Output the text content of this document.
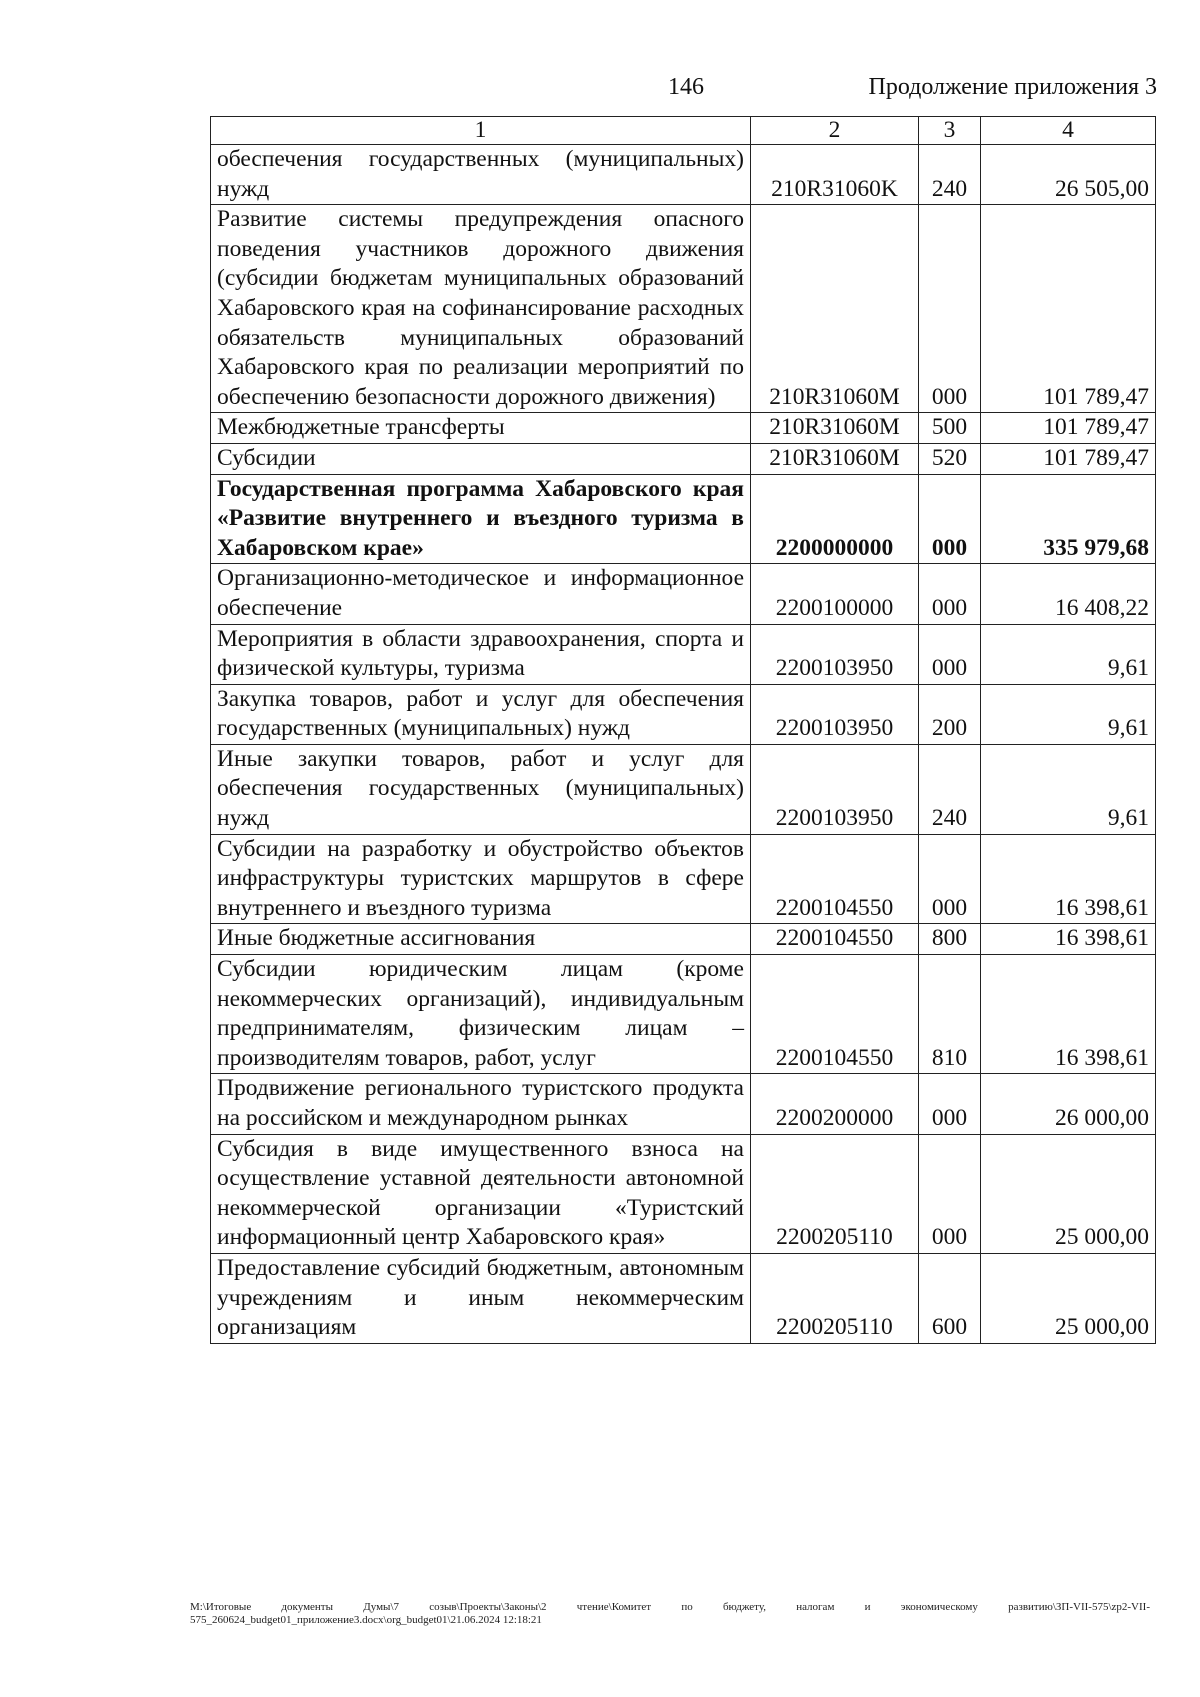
146	Продолжение приложения 3
1	2	3	4
обеспечения государственных (муниципальных) нужд	210R31060K	240	26 505,00
Развитие системы предупреждения опасного поведения участников дорожного движения (субсидии бюджетам муниципальных образований Хабаровского края на софинансирование расходных обязательств муниципальных образований Хабаровского края по реализации мероприятий по обеспечению безопасности дорожного движения)	210R31060M	000	101 789,47
Межбюджетные трансферты	210R31060M	500	101 789,47
Субсидии	210R31060M	520	101 789,47
Государственная программа Хабаровского края «Развитие внутреннего и въездного туризма в Хабаровском крае»	2200000000	000	335 979,68
Организационно-методическое и информационное обеспечение	2200100000	000	16 408,22
Мероприятия в области здравоохранения, спорта и физической культуры, туризма	2200103950	000	9,61
Закупка товаров, работ и услуг для обеспечения государственных (муниципальных) нужд	2200103950	200	9,61
Иные закупки товаров, работ и услуг для обеспечения государственных (муниципальных) нужд	2200103950	240	9,61
Субсидии на разработку и обустройство объектов инфраструктуры туристских маршрутов в сфере внутреннего и въездного туризма	2200104550	000	16 398,61
Иные бюджетные ассигнования	2200104550	800	16 398,61
Субсидии юридическим лицам (кроме некоммерческих организаций), индивидуальным предпринимателям, физическим лицам – производителям товаров, работ, услуг	2200104550	810	16 398,61
Продвижение регионального туристского продукта на российском и международном рынках	2200200000	000	26 000,00
Субсидия в виде имущественного взноса на осуществление уставной деятельности автономной некоммерческой организации «Туристский информационный центр Хабаровского края»	2200205110	000	25 000,00
Предоставление субсидий бюджетным, автономным учреждениям и иным некоммерческим организациям	2200205110	600	25 000,00
M:\Итоговые документы Думы\7 созыв\Проекты\Законы\2 чтение\Комитет по бюджету, налогам и экономическому развитию\ЗП-VII-575\zp2-VII-575_260624_budget01_приложение3.docx\org_budget01\21.06.2024 12:18:21
